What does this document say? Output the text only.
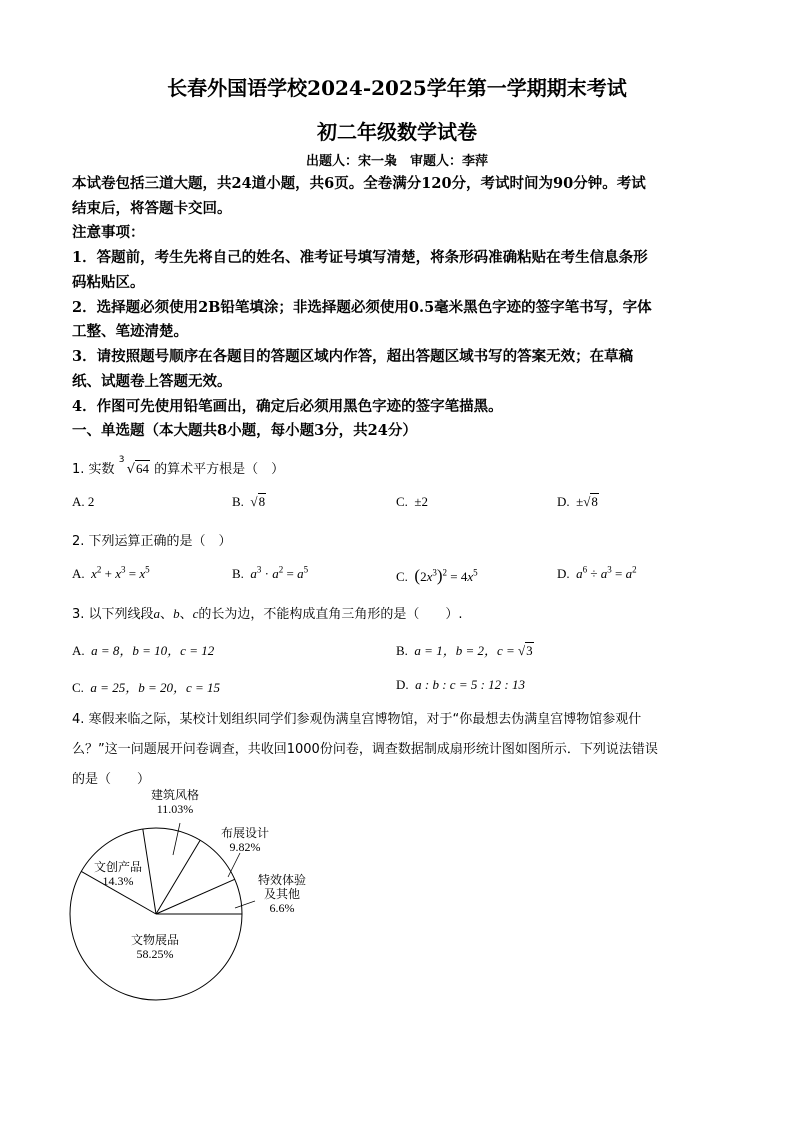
长春外国语学校2024-2025学年第一学期期末考试
初二年级数学试卷
出题人：宋一枭　审题人：李萍
本试卷包括三道大题，共24道小题，共6页。全卷满分120分，考试时间为90分钟。考试
结束后，将答题卡交回。
注意事项：
1．答题前，考生先将自己的姓名、准考证号填写清楚，将条形码准确粘贴在考生信息条形
码粘贴区。
2．选择题必须使用2B铅笔填涂；非选择题必须使用0.5毫米黑色字迹的签字笔书写，字体
工整、笔迹清楚。
3．请按照题号顺序在各题目的答题区域内作答，超出答题区域书写的答案无效；在草稿
纸、试题卷上答题无效。
4．作图可先使用铅笔画出，确定后必须用黑色字迹的签字笔描黑。
一、单选题（本大题共8小题，每小题3分，共24分）
1. 实数
3
√64 的算术平方根是（　）
A. 2	B.  √8	C. ±2	D. ±√8
2. 下列运算正确的是（　）
A. $x^2 + x^3 = x^5$	B. $a^3 \cdot a^2 = a^5$	C. $(2x^3)^2 = 4x^5$	D. $a^6 \div a^3 = a^2$
3. 以下列线段a、b、c的长为边，不能构成直角三角形的是（　　）.
A. a = 8，b = 10，c = 12	B. a = 1，b = 2，c = √3
C. a = 25，b = 20，c = 15	D. a : b : c = 5 : 12 : 13
4. 寒假来临之际，某校计划组织同学们参观伪满皇宫博物馆，对于“你最想去伪满皇宫博物馆参观什
么？”这一问题展开问卷调查，共收回1000份问卷，调查数据制成扇形统计图如图所示．下列说法错误
的是（　　）
文物展品
58.25%
文创产品
14.3%
建筑风格
11.03%
布展设计
9.82%
特效体验
及其他
6.6%
